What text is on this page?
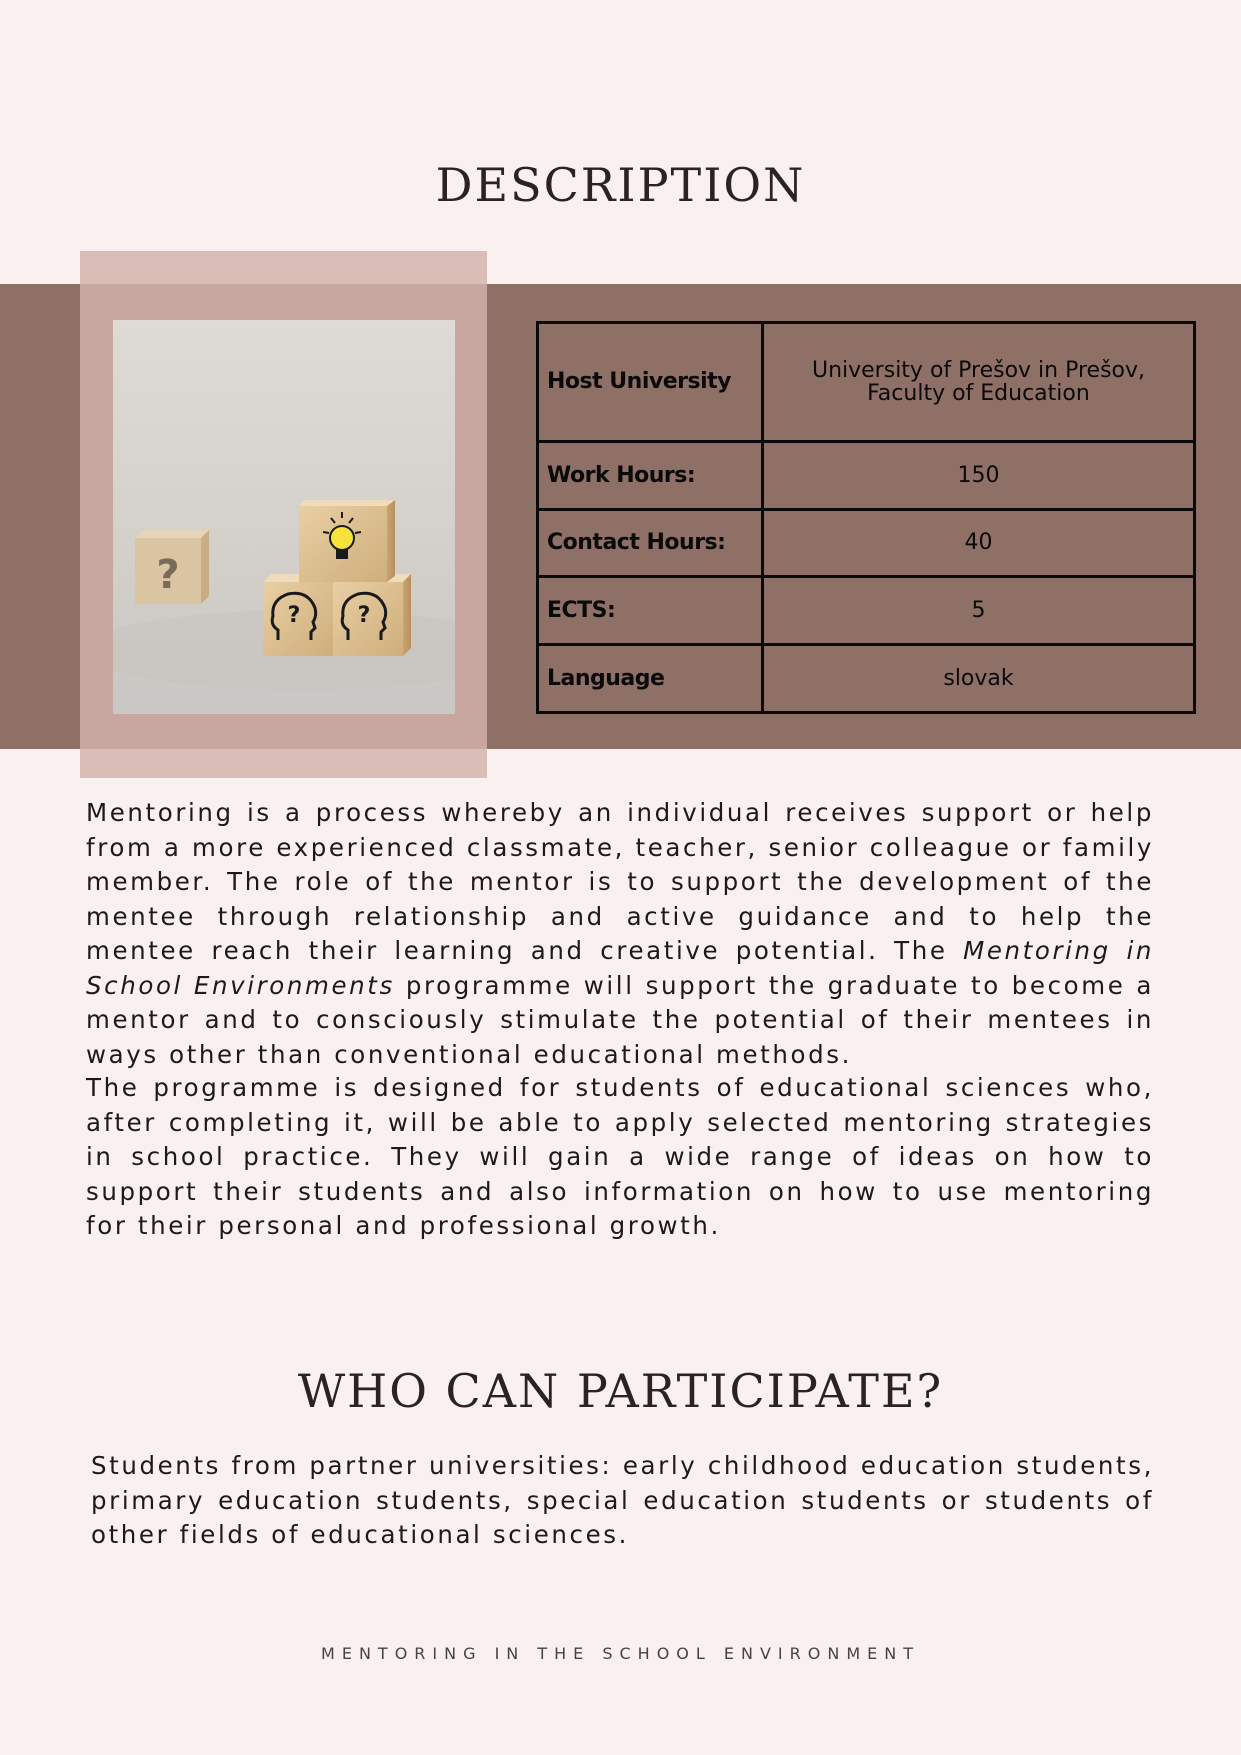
DESCRIPTION
?
?	?
Host University	University of Prešov in Prešov,
Faculty of Education
Work Hours:	150
Contact Hours:	40
ECTS:	5
Language	slovak

Mentoring is a process whereby an individual receives support or help from a more experienced classmate, teacher, senior colleague or family member. The role of the mentor is to support the development of the mentee through relationship and active guidance and to help the mentee reach their learning and creative potential. The Mentoring in School Environments programme will support the graduate to become a mentor and to consciously stimulate the potential of their mentees in ways other than conventional educational methods.

The programme is designed for students of educational sciences who, after completing it, will be able to apply selected mentoring strategies in school practice. They will gain a wide range of ideas on how to support their students and also information on how to use mentoring for their personal and professional growth.

WHO CAN PARTICIPATE?

Students from partner universities: early childhood education students, primary education students, special education students or students of other fields of educational sciences.

MENTORING IN THE SCHOOL ENVIRONMENT
